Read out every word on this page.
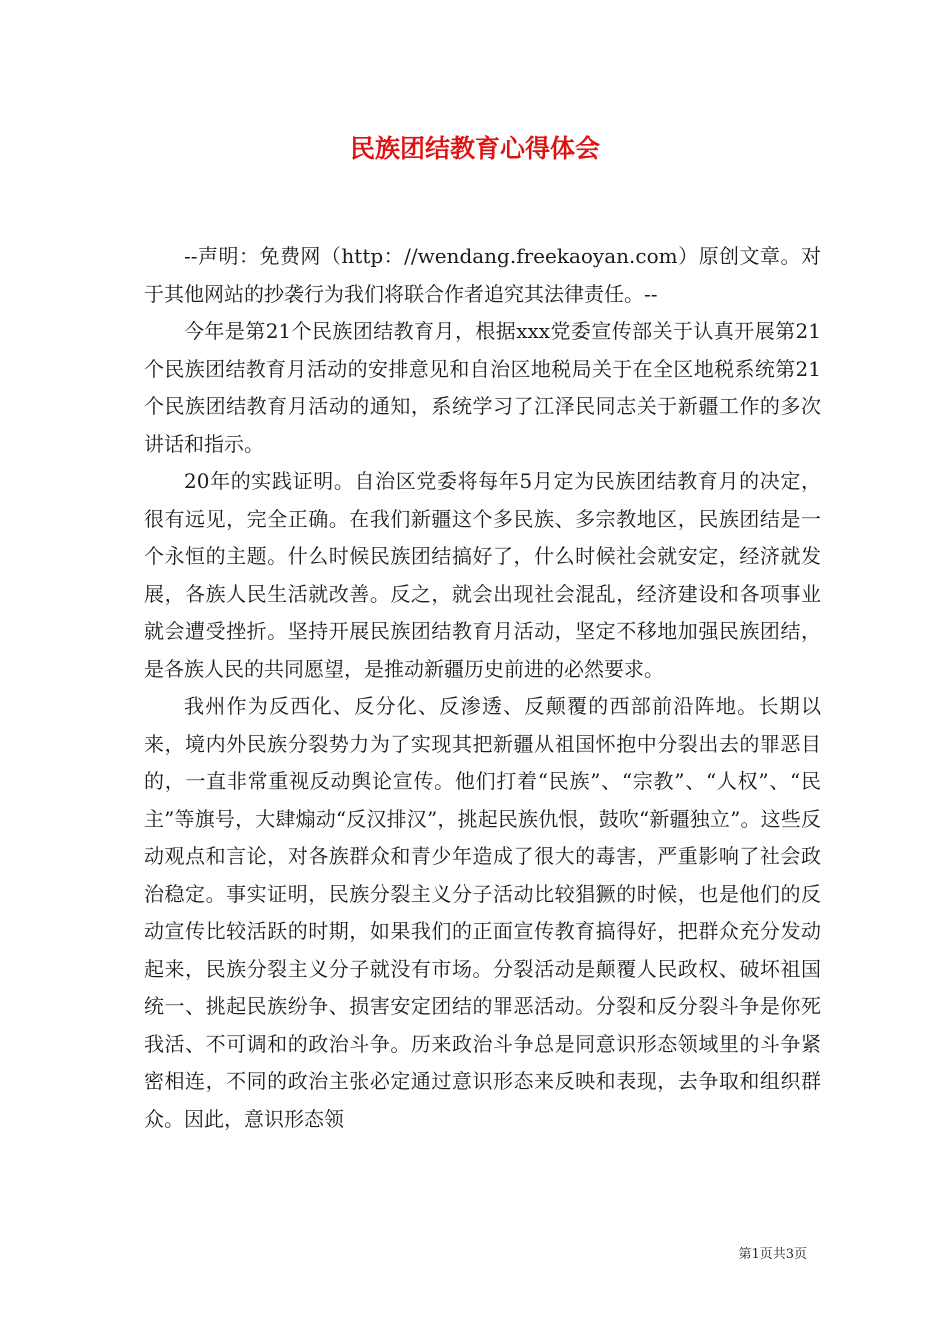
民族团结教育心得体会

--声明：免费网（http：//wendang.freekaoyan.com）原创文章。对于其他网站的抄袭行为我们将联合作者追究其法律责任。--

今年是第21个民族团结教育月，根据xxx党委宣传部关于认真开展第21个民族团结教育月活动的安排意见和自治区地税局关于在全区地税系统第21个民族团结教育月活动的通知，系统学习了江泽民同志关于新疆工作的多次讲话和指示。

20年的实践证明。自治区党委将每年5月定为民族团结教育月的决定，很有远见，完全正确。在我们新疆这个多民族、多宗教地区，民族团结是一个永恒的主题。什么时候民族团结搞好了，什么时候社会就安定，经济就发展，各族人民生活就改善。反之，就会出现社会混乱，经济建设和各项事业就会遭受挫折。坚持开展民族团结教育月活动，坚定不移地加强民族团结，是各族人民的共同愿望，是推动新疆历史前进的必然要求。

我州作为反西化、反分化、反渗透、反颠覆的西部前沿阵地。长期以来，境内外民族分裂势力为了实现其把新疆从祖国怀抱中分裂出去的罪恶目的，一直非常重视反动舆论宣传。他们打着“民族”、“宗教”、“人权”、“民主”等旗号，大肆煽动“反汉排汉”，挑起民族仇恨，鼓吹“新疆独立”。这些反动观点和言论，对各族群众和青少年造成了很大的毒害，严重影响了社会政治稳定。事实证明，民族分裂主义分子活动比较猖獗的时候，也是他们的反动宣传比较活跃的时期，如果我们的正面宣传教育搞得好，把群众充分发动起来，民族分裂主义分子就没有市场。分裂活动是颠覆人民政权、破坏祖国统一、挑起民族纷争、损害安定团结的罪恶活动。分裂和反分裂斗争是你死我活、不可调和的政治斗争。历来政治斗争总是同意识形态领域里的斗争紧密相连，不同的政治主张必定通过意识形态来反映和表现，去争取和组织群众。因此，意识形态领

第1页共3页
